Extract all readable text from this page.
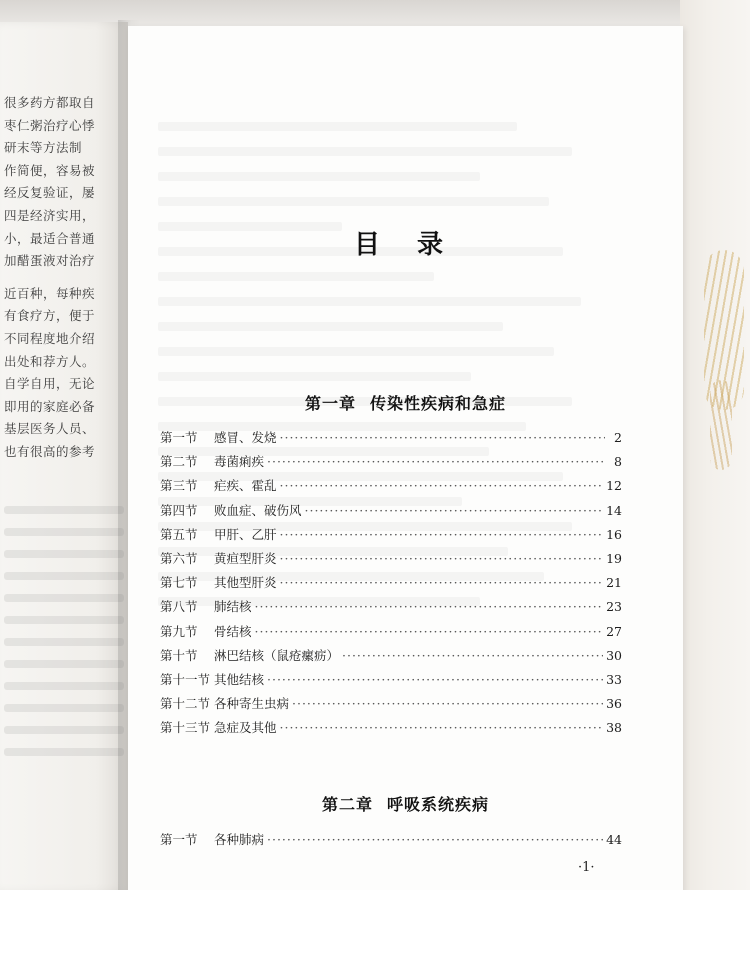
很多药方都取自
枣仁粥治疗心悸
研末等方法制
作简便，容易被
经反复验证，屡
四是经济实用，
小，最适合普通
加醋蛋液对治疗
近百种，每种疾
有食疗方，便于
不同程度地介绍
出处和荐方人。
自学自用，无论
即用的家庭必备
基层医务人员、
也有很高的参考
目 录
第一章 传染性疾病和急症
第一节	感冒、发烧 ·····	2
第二节	毒菌痢疾 ·····	8
第三节	疟疾、霍乱 ·····	12
第四节	败血症、破伤风 ·····	14
第五节	甲肝、乙肝 ·····	16
第六节	黄疸型肝炎 ·····	19
第七节	其他型肝炎 ·····	21
第八节	肺结核 ·····	23
第九节	骨结核 ·····	27
第十节	淋巴结核（鼠疮瘰疬） ·····	30
第十一节 其他结核 ·····	33
第十二节 各种寄生虫病 ·····	36
第十三节 急症及其他 ·····	38
第二章 呼吸系统疾病
第一节	各种肺病 ·····	44
·1·
